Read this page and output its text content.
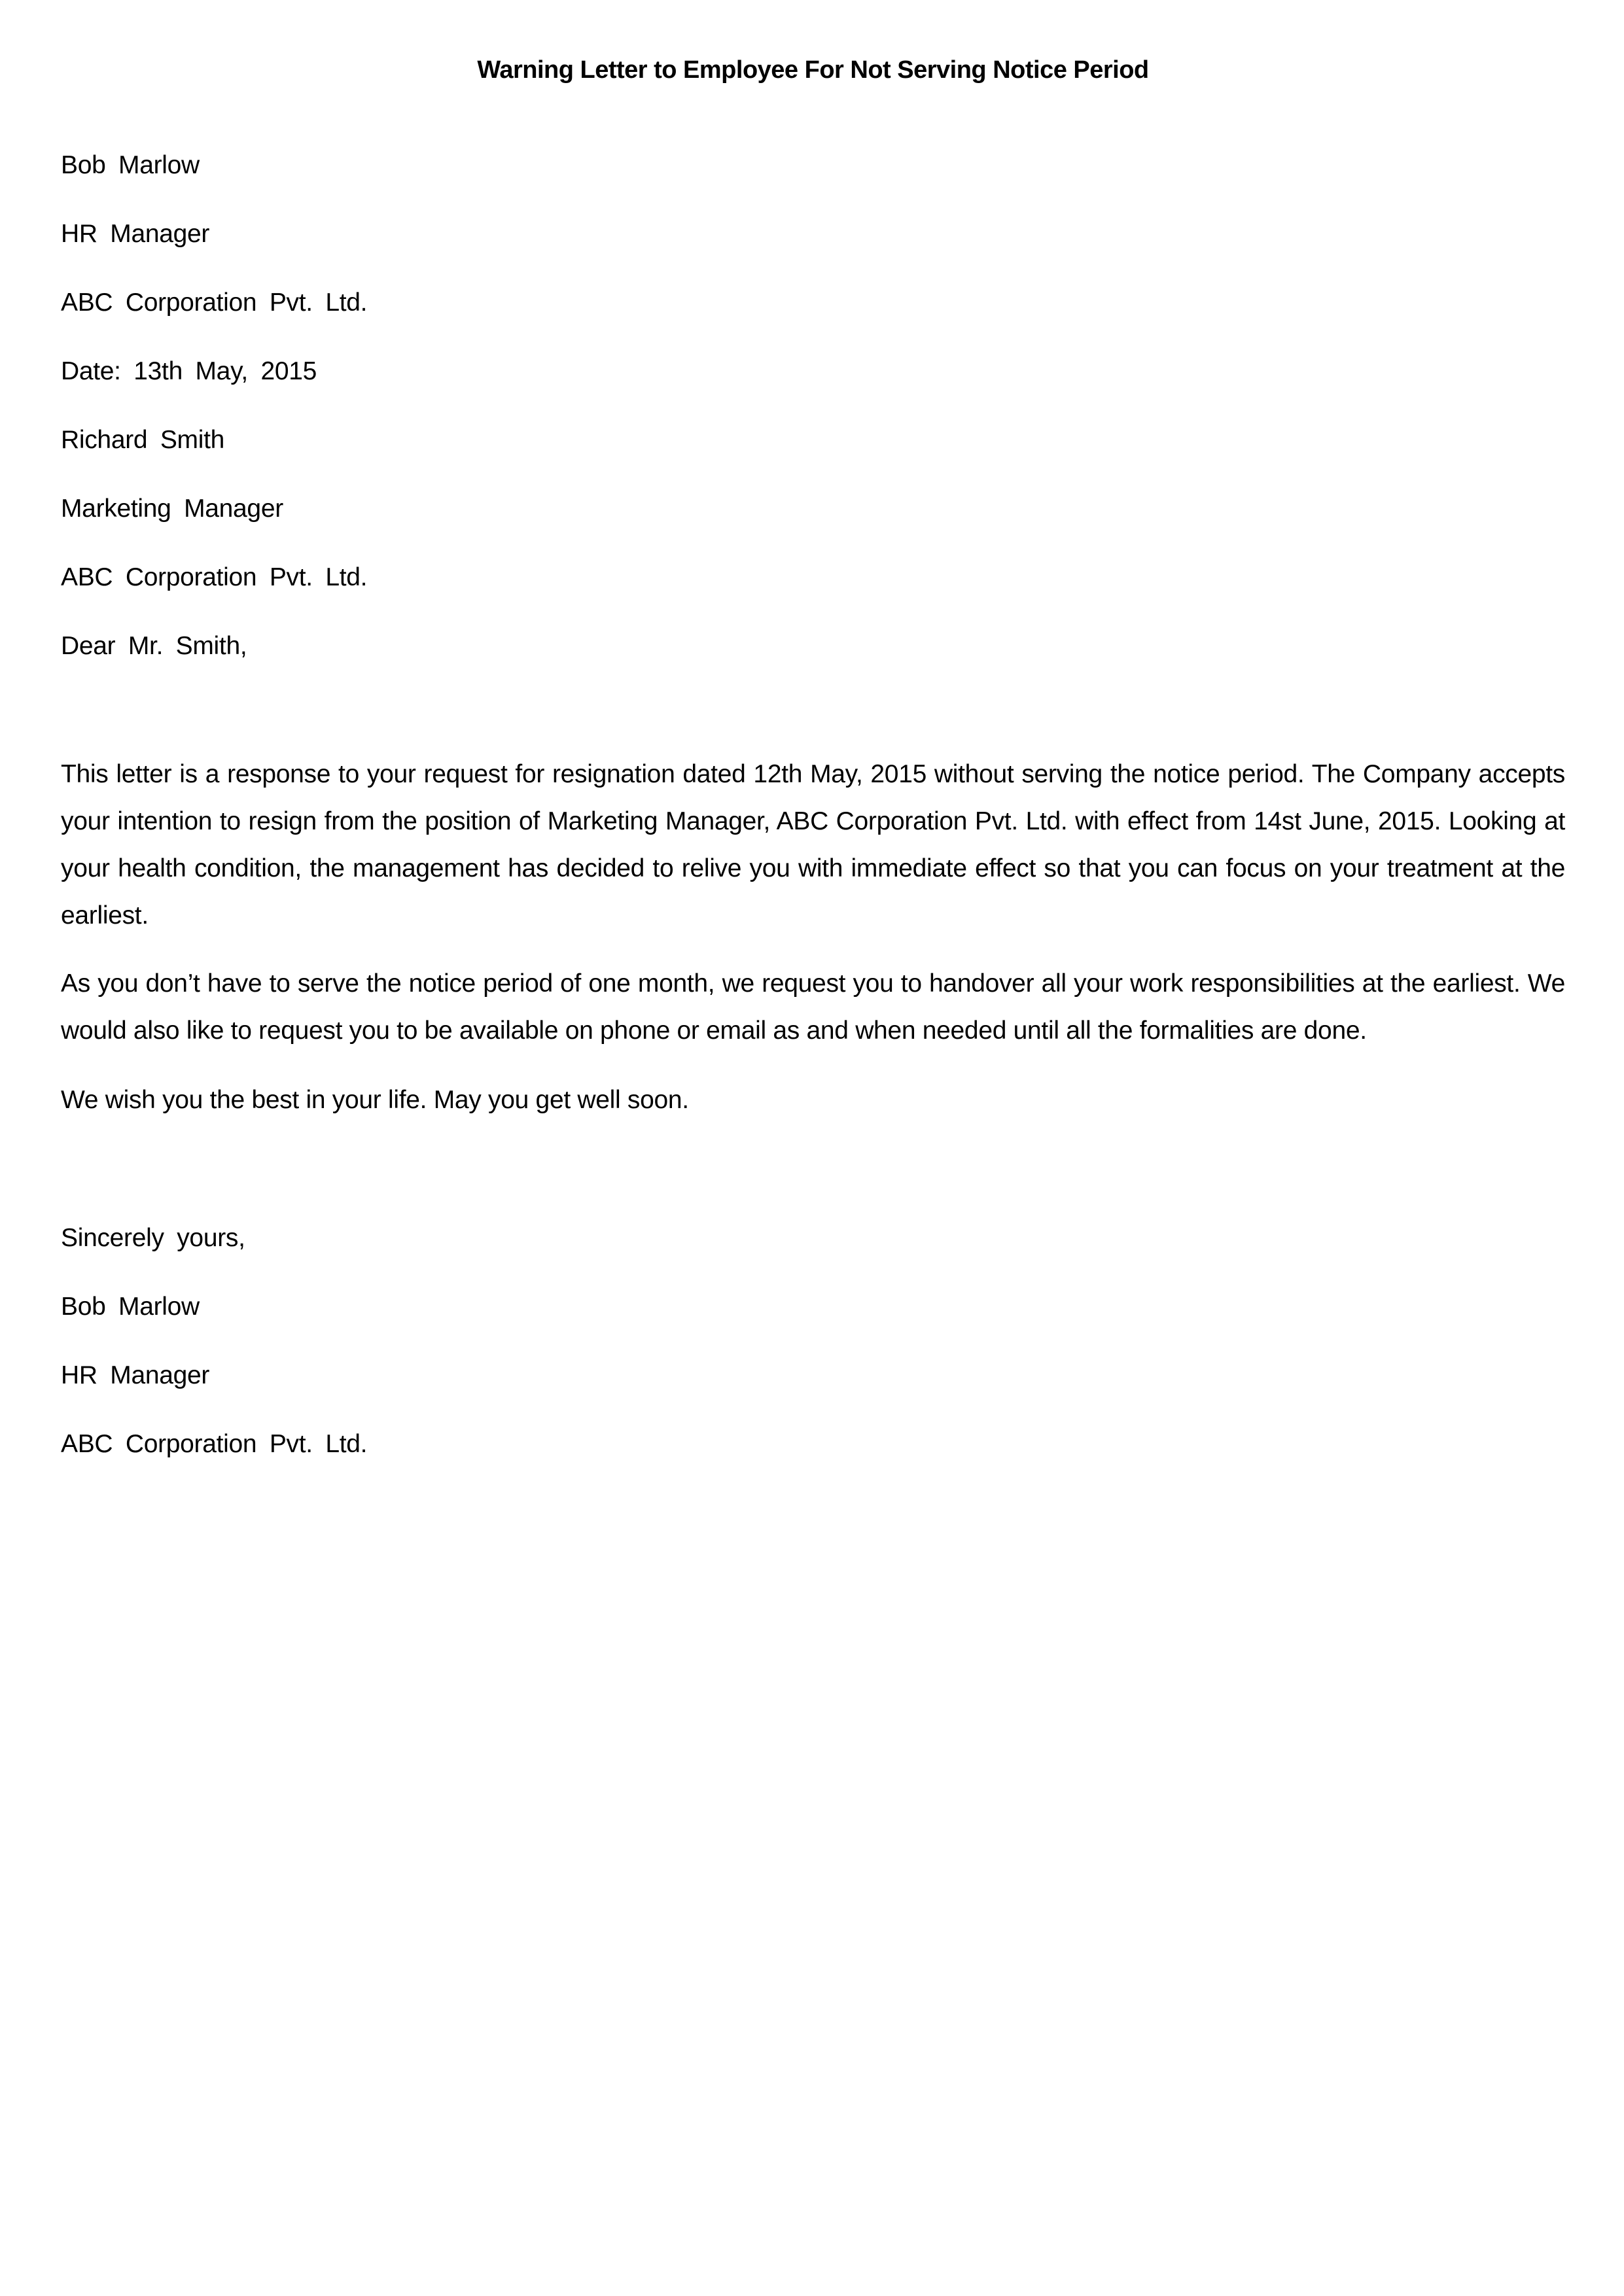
Warning Letter to Employee For Not Serving Notice Period

Bob Marlow

HR Manager

ABC Corporation Pvt. Ltd.

Date: 13th May, 2015

Richard Smith

Marketing Manager

ABC Corporation Pvt. Ltd.

Dear Mr. Smith,

This letter is a response to your request for resignation dated 12th May, 2015 without serving the notice period. The Company accepts your intention to resign from the position of Marketing Manager, ABC Corporation Pvt. Ltd. with effect from 14st June, 2015. Looking at your health condition, the management has decided to relive you with immediate effect so that you can focus on your treatment at the earliest.

As you don’t have to serve the notice period of one month, we request you to handover all your work responsibilities at the earliest. We would also like to request you to be available on phone or email as and when needed until all the formalities are done.

We wish you the best in your life. May you get well soon.

Sincerely yours,

Bob Marlow

HR Manager

ABC Corporation Pvt. Ltd.
